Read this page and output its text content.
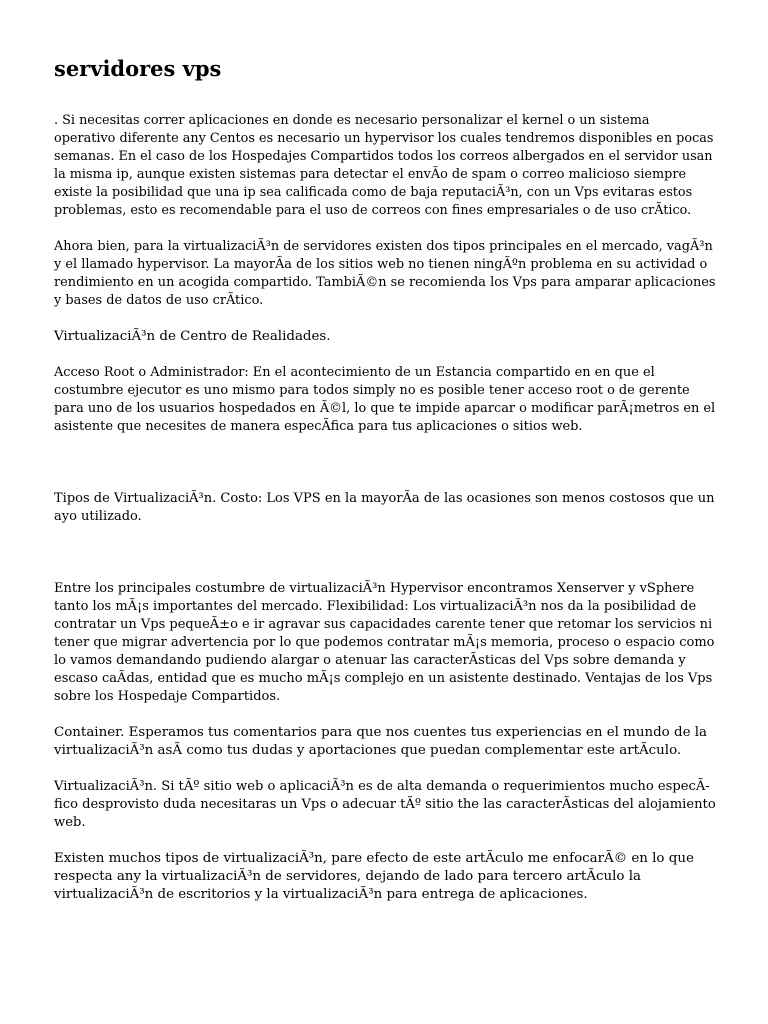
servidores vps

. Si necesitas correr aplicaciones en donde es necesario personalizar el kernel o un sistema
operativo diferente any Centos es necesario un hypervisor los cuales tendremos disponibles en pocas
semanas. En el caso de los Hospedajes Compartidos todos los correos albergados en el servidor usan
la misma ip, aunque existen sistemas para detectar el envÃo de spam o correo malicioso siempre
existe la posibilidad que una ip sea calificada como de baja reputaciÃ³n, con un Vps evitaras estos
problemas, esto es recomendable para el uso de correos con fines empresariales o de uso crÃtico.

Ahora bien, para la virtualizaciÃ³n de servidores existen dos tipos principales en el mercado, vagÃ³n
y el llamado hypervisor. La mayorÃa de los sitios web no tienen ningÃºn problema en su actividad o
rendimiento en un acogida compartido. TambiÃ©n se recomienda los Vps para amparar aplicaciones
y bases de datos de uso crÃtico.

VirtualizaciÃ³n de Centro de Realidades.

Acceso Root o Administrador: En el acontecimiento de un Estancia compartido en en que el
costumbre ejecutor es uno mismo para todos simply no es posible tener acceso root o de gerente
para uno de los usuarios hospedados en Ã©l, lo que te impide aparcar o modificar parÃ¡metros en el
asistente que necesites de manera especÃfica para tus aplicaciones o sitios web.

Tipos de VirtualizaciÃ³n. Costo: Los VPS en la mayorÃa de las ocasiones son menos costosos que un
ayo utilizado.

Entre los principales costumbre de virtualizaciÃ³n Hypervisor encontramos Xenserver y vSphere
tanto los mÃ¡s importantes del mercado. Flexibilidad: Los virtualizaciÃ³n nos da la posibilidad de
contratar un Vps pequeÃ±o e ir agravar sus capacidades carente tener que retomar los servicios ni
tener que migrar advertencia por lo que podemos contratar mÃ¡s memoria, proceso o espacio como
lo vamos demandando pudiendo alargar o atenuar las caracterÃsticas del Vps sobre demanda y
escaso caÃdas, entidad que es mucho mÃ¡s complejo en un asistente destinado. Ventajas de los Vps
sobre los Hospedaje Compartidos.

Container. Esperamos tus comentarios para que nos cuentes tus experiencias en el mundo de la
virtualizaciÃ³n asÃ como tus dudas y aportaciones que puedan complementar este artÃculo.

VirtualizaciÃ³n. Si tÃº sitio web o aplicaciÃ³n es de alta demanda o requerimientos mucho especÃ-
fico desprovisto duda necesitaras un Vps o adecuar tÃº sitio the las caracterÃsticas del alojamiento
web.

Existen muchos tipos de virtualizaciÃ³n, pare efecto de este artÃculo me enfocarÃ© en lo que
respecta any la virtualizaciÃ³n de servidores, dejando de lado para tercero artÃculo la
virtualizaciÃ³n de escritorios y la virtualizaciÃ³n para entrega de aplicaciones.
